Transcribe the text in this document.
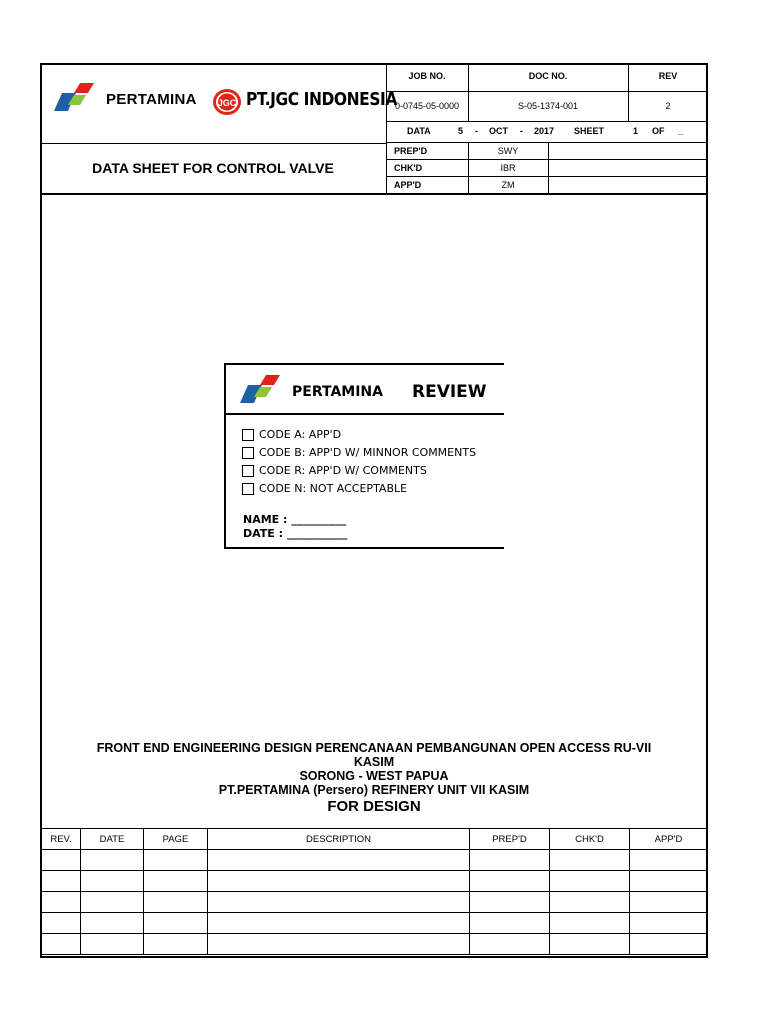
PERTAMINA JGC PT.JGC INDONESIA
DATA SHEET FOR CONTROL VALVE
JOB NO.	DOC NO.	REV
0-0745-05-0000	S-05-1374-001	2
DATA	5 - OCT - 2017 SHEET	1 OF _
PREP'D	SWY
CHK'D	IBR
APP'D	ZM
PERTAMINA REVIEW
CODE A: APP'D
CODE B: APP'D W/ MINNOR COMMENTS
CODE R: APP'D W/ COMMENTS
CODE N: NOT ACCEPTABLE
NAME : __________
DATE : ___________
FRONT END ENGINEERING DESIGN PERENCANAAN PEMBANGUNAN OPEN ACCESS RU-VII
KASIM
SORONG - WEST PAPUA
PT.PERTAMINA (Persero) REFINERY UNIT VII KASIM
FOR DESIGN
REV.	DATE	PAGE	DESCRIPTION	PREP'D	CHK'D	APP'D
